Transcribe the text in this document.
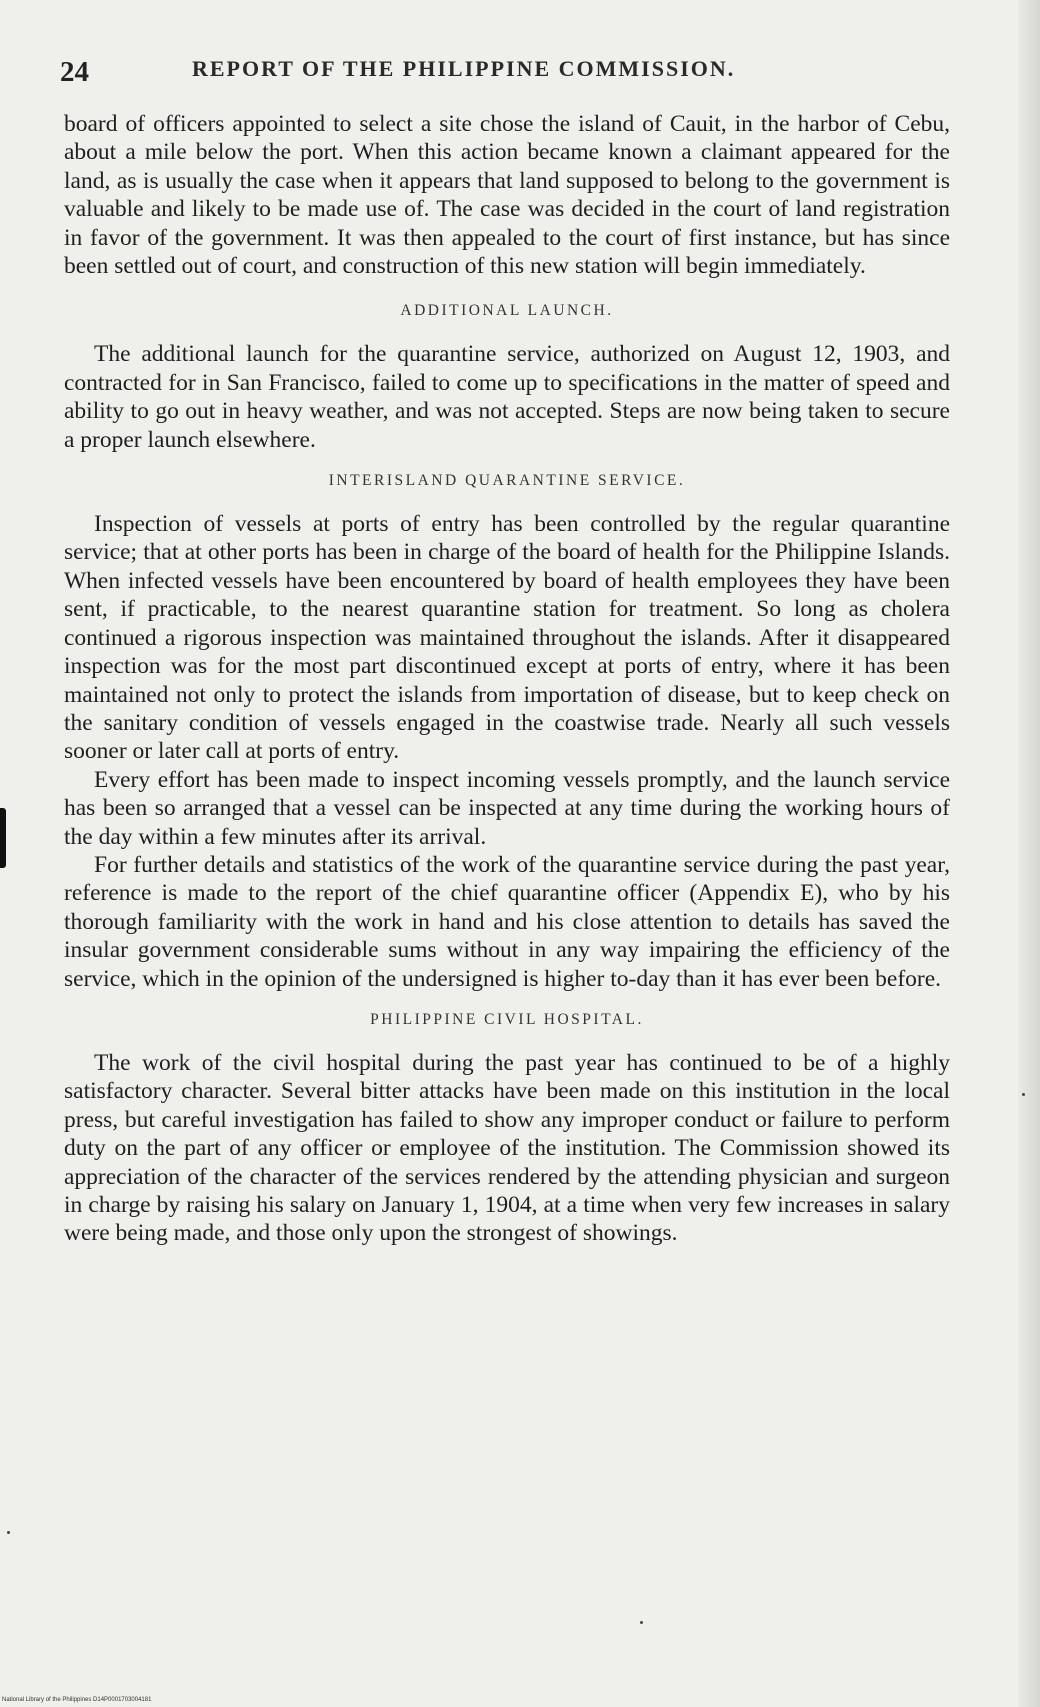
24	REPORT OF THE PHILIPPINE COMMISSION.

board of officers appointed to select a site chose the island of Cauit, in the harbor of Cebu, about a mile below the port. When this action became known a claimant appeared for the land, as is usually the case when it appears that land supposed to belong to the government is valuable and likely to be made use of. The case was decided in the court of land registration in favor of the government. It was then appealed to the court of first instance, but has since been settled out of court, and construction of this new station will begin immediately.

ADDITIONAL LAUNCH.

The additional launch for the quarantine service, authorized on August 12, 1903, and contracted for in San Francisco, failed to come up to specifications in the matter of speed and ability to go out in heavy weather, and was not accepted. Steps are now being taken to secure a proper launch elsewhere.

INTERISLAND QUARANTINE SERVICE.

Inspection of vessels at ports of entry has been controlled by the regular quarantine service; that at other ports has been in charge of the board of health for the Philippine Islands. When infected vessels have been encountered by board of health employees they have been sent, if practicable, to the nearest quarantine station for treatment. So long as cholera continued a rigorous inspection was maintained throughout the islands. After it disappeared inspection was for the most part discontinued except at ports of entry, where it has been maintained not only to protect the islands from importation of disease, but to keep check on the sanitary condition of vessels engaged in the coastwise trade. Nearly all such vessels sooner or later call at ports of entry.

Every effort has been made to inspect incoming vessels promptly, and the launch service has been so arranged that a vessel can be inspected at any time during the working hours of the day within a few minutes after its arrival.

For further details and statistics of the work of the quarantine service during the past year, reference is made to the report of the chief quarantine officer (Appendix E), who by his thorough familiarity with the work in hand and his close attention to details has saved the insular government considerable sums without in any way impairing the efficiency of the service, which in the opinion of the undersigned is higher to-day than it has ever been before.

PHILIPPINE CIVIL HOSPITAL.

The work of the civil hospital during the past year has continued to be of a highly satisfactory character. Several bitter attacks have been made on this institution in the local press, but careful investigation has failed to show any improper conduct or failure to perform duty on the part of any officer or employee of the institution. The Commission showed its appreciation of the character of the services rendered by the attending physician and surgeon in charge by raising his salary on January 1, 1904, at a time when very few increases in salary were being made, and those only upon the strongest of showings.

National Library of the Philippines D14P0001703004181
